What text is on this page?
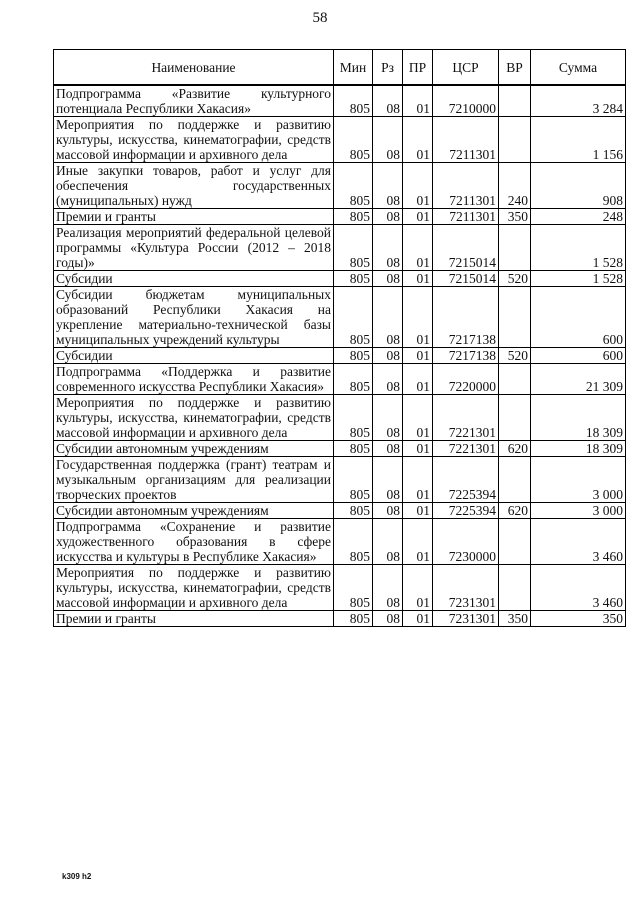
58
Наименование	Мин	Рз	ПР	ЦСР	ВР	Сумма
Подпрограмма «Развитие культурного потенциала Республики Хакасия»	805	08	01	7210000		3 284
Мероприятия по поддержке и развитию культуры, искусства, кинематографии, средств массовой информации и архивного дела	805	08	01	7211301		1 156
Иные закупки товаров, работ и услуг для обеспечения государственных (муниципальных) нужд	805	08	01	7211301	240	908
Премии и гранты	805	08	01	7211301	350	248
Реализация мероприятий федеральной целевой программы «Культура России (2012 – 2018 годы)»	805	08	01	7215014		1 528
Субсидии	805	08	01	7215014	520	1 528
Субсидии бюджетам муниципальных образований Республики Хакасия на укрепление материально-технической базы муниципальных учреждений культуры	805	08	01	7217138		600
Субсидии	805	08	01	7217138	520	600
Подпрограмма «Поддержка и развитие современного искусства Республики Хакасия»	805	08	01	7220000		21 309
Мероприятия по поддержке и развитию культуры, искусства, кинематографии, средств массовой информации и архивного дела	805	08	01	7221301		18 309
Субсидии автономным учреждениям	805	08	01	7221301	620	18 309
Государственная поддержка (грант) театрам и музыкальным организациям для реализации творческих проектов	805	08	01	7225394		3 000
Субсидии автономным учреждениям	805	08	01	7225394	620	3 000
Подпрограмма «Сохранение и развитие художественного образования в сфере искусства и культуры в Республике Хакасия»	805	08	01	7230000		3 460
Мероприятия по поддержке и развитию культуры, искусства, кинематографии, средств массовой информации и архивного дела	805	08	01	7231301		3 460
Премии и гранты	805	08	01	7231301	350	350
k309 h2
